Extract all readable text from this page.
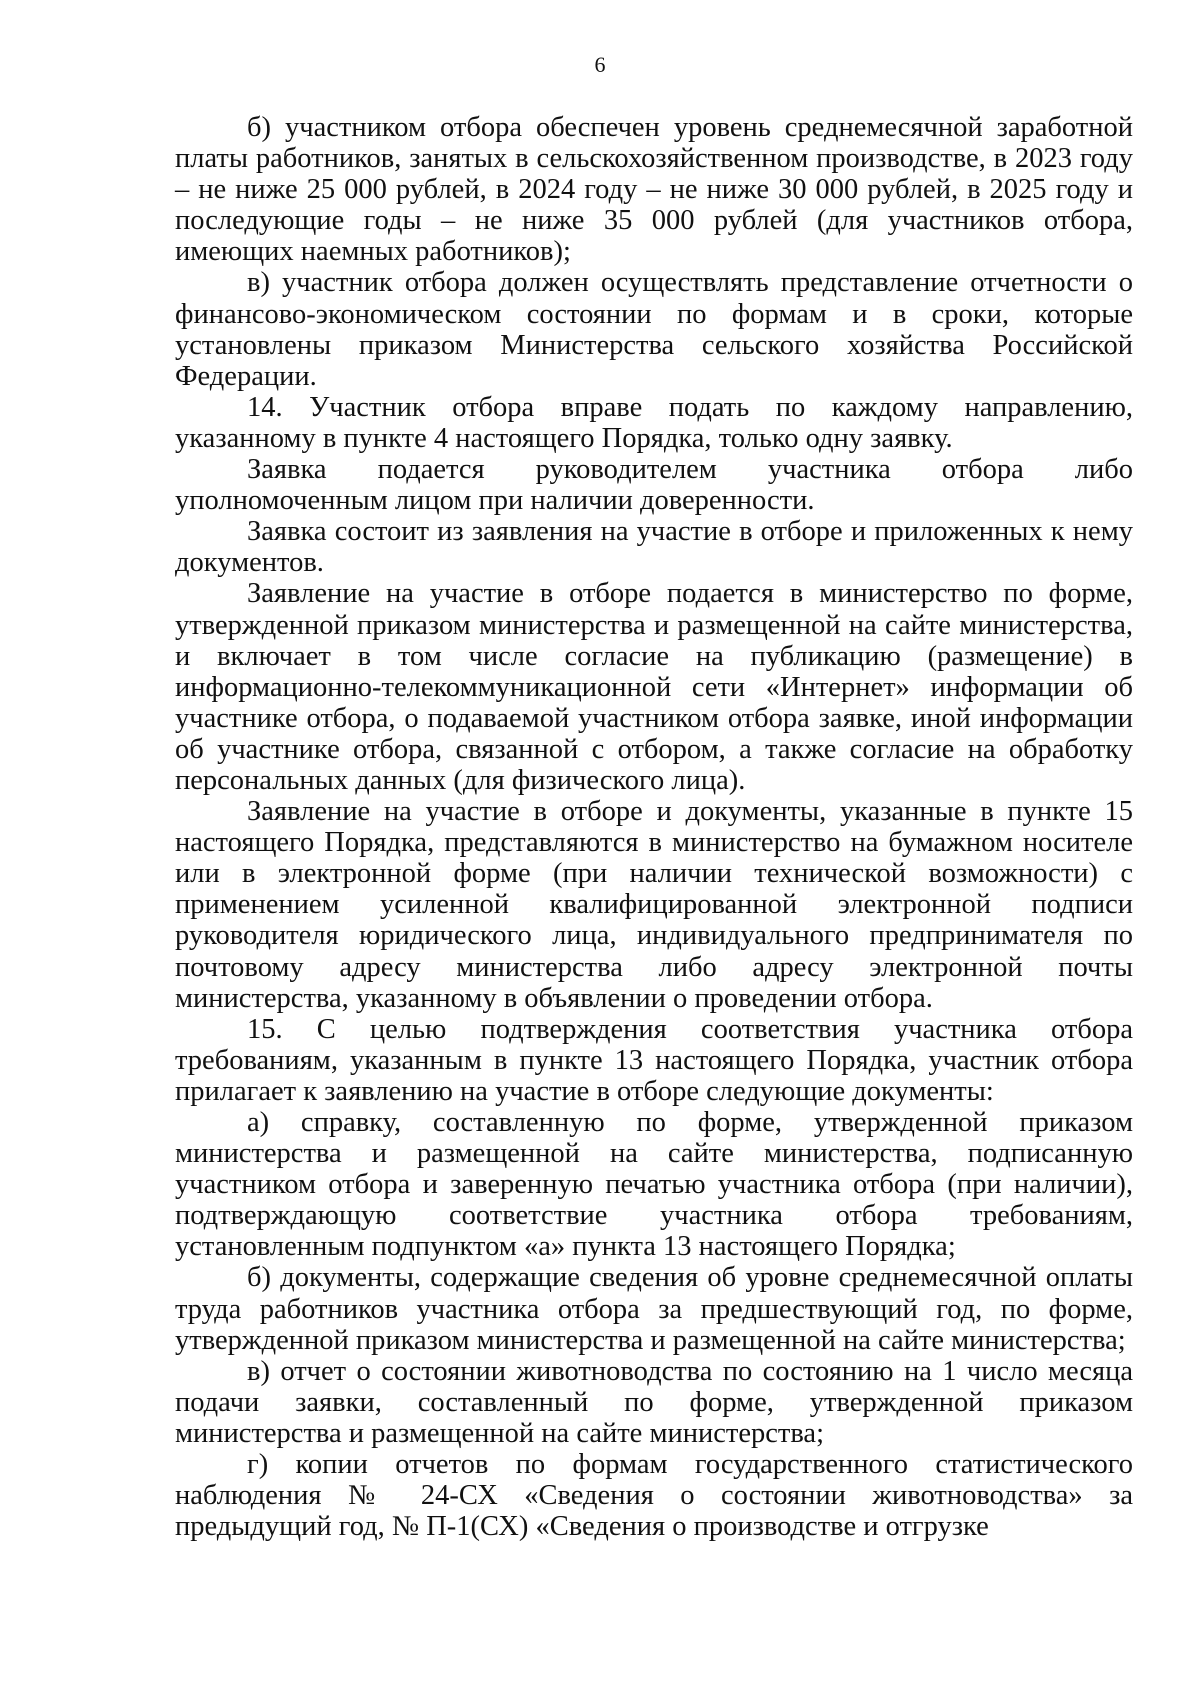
6

б) участником отбора обеспечен уровень среднемесячной заработной платы работников, занятых в сельскохозяйственном производстве, в 2023 году – не ниже 25 000 рублей, в 2024 году – не ниже 30 000 рублей, в 2025 году и последующие годы – не ниже 35 000 рублей (для участников отбора, имеющих наемных работников);

в) участник отбора должен осуществлять представление отчетности о финансово-экономическом состоянии по формам и в сроки, которые установлены приказом Министерства сельского хозяйства Российской Федерации.

14. Участник отбора вправе подать по каждому направлению, указанному в пункте 4 настоящего Порядка, только одну заявку.

Заявка подается руководителем участника отбора либо уполномоченным лицом при наличии доверенности.

Заявка состоит из заявления на участие в отборе и приложенных к нему документов.

Заявление на участие в отборе подается в министерство по форме, утвержденной приказом министерства и размещенной на сайте министерства, и включает в том числе согласие на публикацию (размещение) в информационно-телекоммуникационной сети «Интернет» информации об участнике отбора, о подаваемой участником отбора заявке, иной информации об участнике отбора, связанной с отбором, а также согласие на обработку персональных данных (для физического лица).

Заявление на участие в отборе и документы, указанные в пункте 15 настоящего Порядка, представляются в министерство на бумажном носителе или в электронной форме (при наличии технической возможности) с применением усиленной квалифицированной электронной подписи руководителя юридического лица, индивидуального предпринимателя по почтовому адресу министерства либо адресу электронной почты министерства, указанному в объявлении о проведении отбора.

15. С целью подтверждения соответствия участника отбора требованиям, указанным в пункте 13 настоящего Порядка, участник отбора прилагает к заявлению на участие в отборе следующие документы:

а) справку, составленную по форме, утвержденной приказом министерства и размещенной на сайте министерства, подписанную участником отбора и заверенную печатью участника отбора (при наличии), подтверждающую соответствие участника отбора требованиям, установленным подпунктом «а» пункта 13 настоящего Порядка;

б) документы, содержащие сведения об уровне среднемесячной оплаты труда работников участника отбора за предшествующий год, по форме, утвержденной приказом министерства и размещенной на сайте министерства;

в) отчет о состоянии животноводства по состоянию на 1 число месяца подачи заявки, составленный по форме, утвержденной приказом министерства и размещенной на сайте министерства;

г) копии отчетов по формам государственного статистического наблюдения № 24-СХ «Сведения о состоянии животноводства» за предыдущий год, № П-1(СХ) «Сведения о производстве и отгрузке
